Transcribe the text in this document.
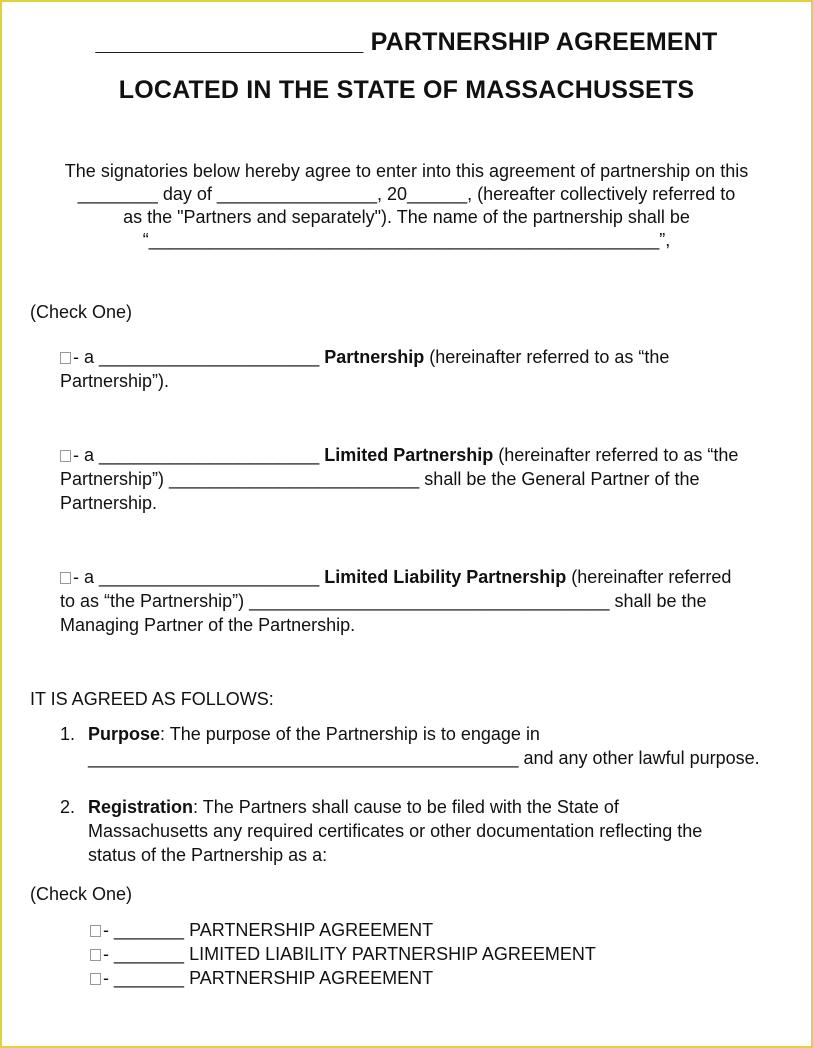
___________________ PARTNERSHIP AGREEMENT
LOCATED IN THE STATE OF MASSACHUSSETS
The signatories below hereby agree to enter into this agreement of partnership on this
________ day of ________________, 20______, (hereafter collectively referred to
as the "Partners and separately"). The name of the partnership shall be
“___________________________________________________”,
(Check One)
- a ______________________ Partnership (hereinafter referred to as “the
Partnership”).
- a ______________________ Limited Partnership (hereinafter referred to as “the
Partnership”) _________________________ shall be the General Partner of the
Partnership.
- a ______________________ Limited Liability Partnership (hereinafter referred
to as “the Partnership”) ____________________________________ shall be the
Managing Partner of the Partnership.
IT IS AGREED AS FOLLOWS:
1. Purpose: The purpose of the Partnership is to engage in
___________________________________________ and any other lawful purpose.
2. Registration: The Partners shall cause to be filed with the State of
Massachusetts any required certificates or other documentation reflecting the
status of the Partnership as a:
(Check One)
- _______ PARTNERSHIP AGREEMENT
- _______ LIMITED LIABILITY PARTNERSHIP AGREEMENT
- _______ PARTNERSHIP AGREEMENT
